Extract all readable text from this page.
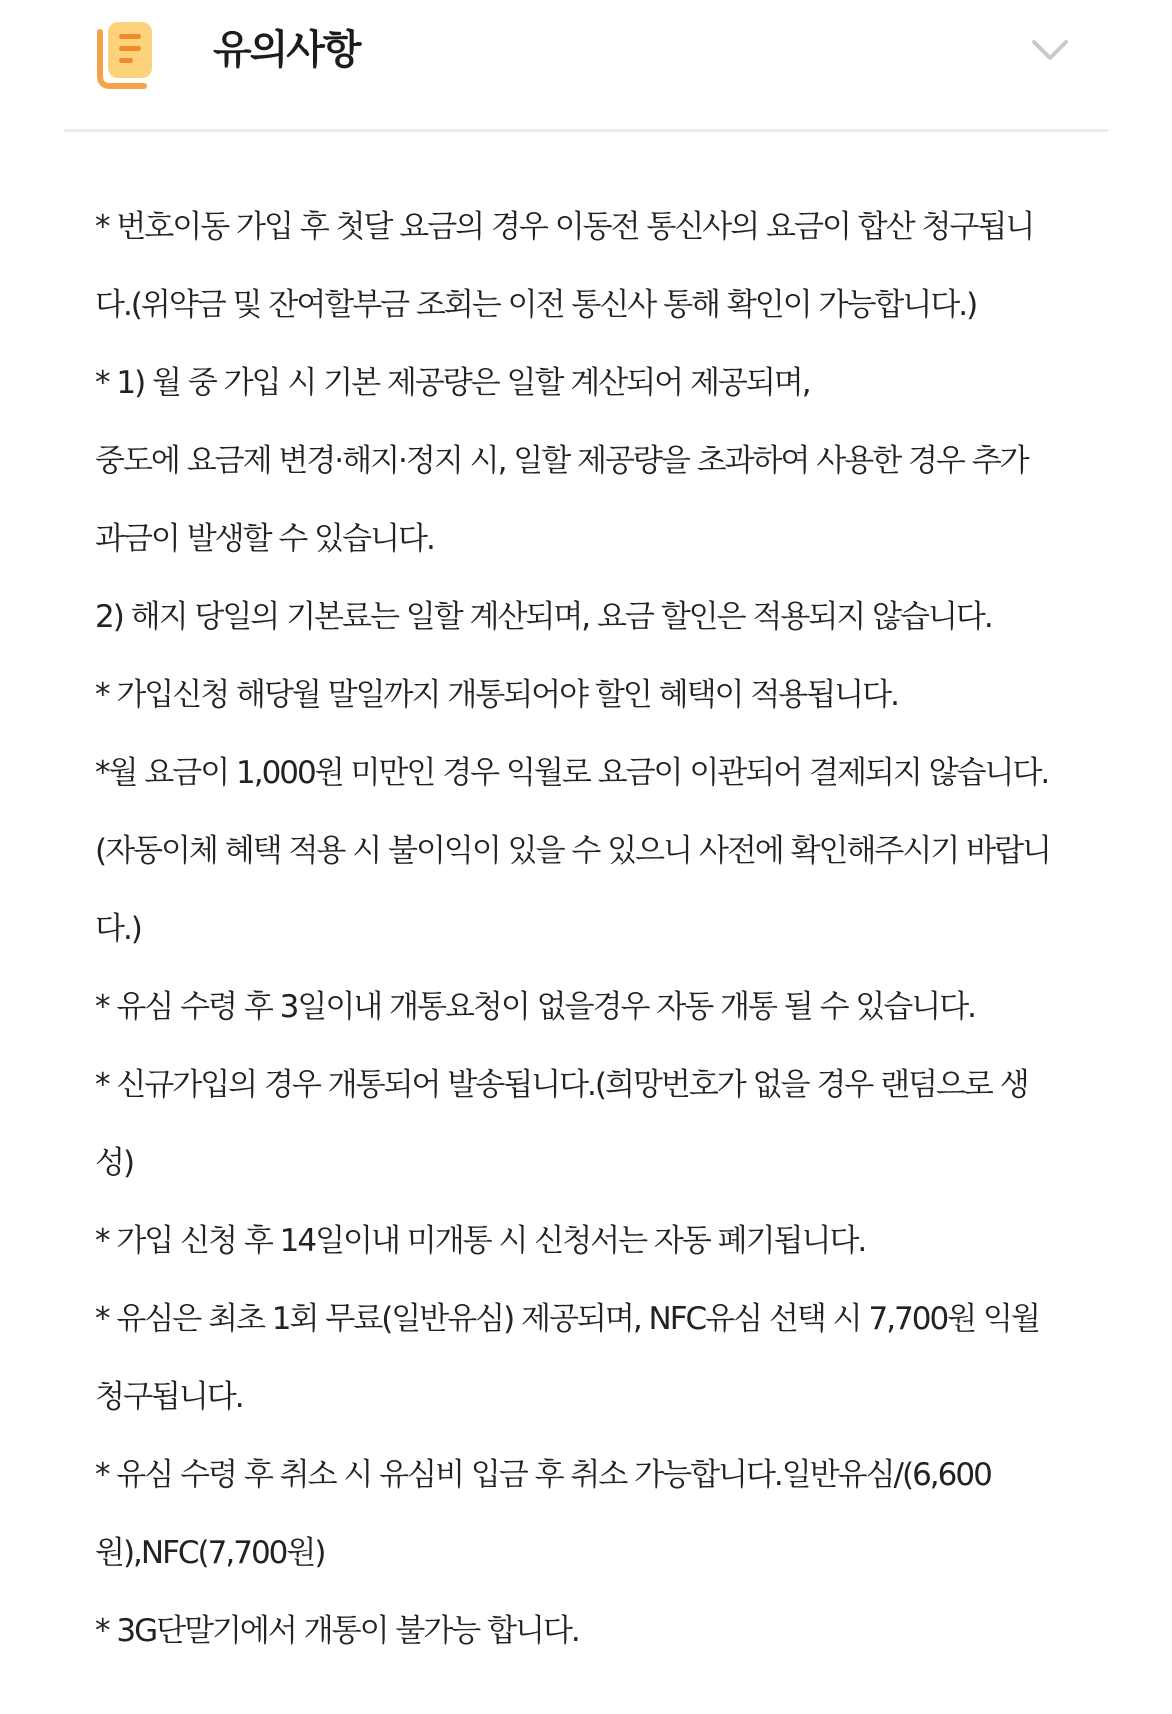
유의사항
* 번호이동 가입 후 첫달 요금의 경우 이동전 통신사의 요금이 합산 청구됩니
다.(위약금 및 잔여할부금 조회는 이전 통신사 통해 확인이 가능합니다.)
* 1) 월 중 가입 시 기본 제공량은 일할 계산되어 제공되며,
중도에 요금제 변경·해지·정지 시, 일할 제공량을 초과하여 사용한 경우 추가
과금이 발생할 수 있습니다.
2) 해지 당일의 기본료는 일할 계산되며, 요금 할인은 적용되지 않습니다.
* 가입신청 해당월 말일까지 개통되어야 할인 혜택이 적용됩니다.
*월 요금이 1,000원 미만인 경우 익월로 요금이 이관되어 결제되지 않습니다.
(자동이체 혜택 적용 시 불이익이 있을 수 있으니 사전에 확인해주시기 바랍니
다.)
* 유심 수령 후 3일이내 개통요청이 없을경우 자동 개통 될 수 있습니다.
* 신규가입의 경우 개통되어 발송됩니다.(희망번호가 없을 경우 랜덤으로 생
성)
* 가입 신청 후 14일이내 미개통 시 신청서는 자동 폐기됩니다.
* 유심은 최초 1회 무료(일반유심) 제공되며, NFC유심 선택 시 7,700원 익월
청구됩니다.
* 유심 수령 후 취소 시 유심비 입금 후 취소 가능합니다.일반유심/(6,600
원),NFC(7,700원)
* 3G단말기에서 개통이 불가능 합니다.
